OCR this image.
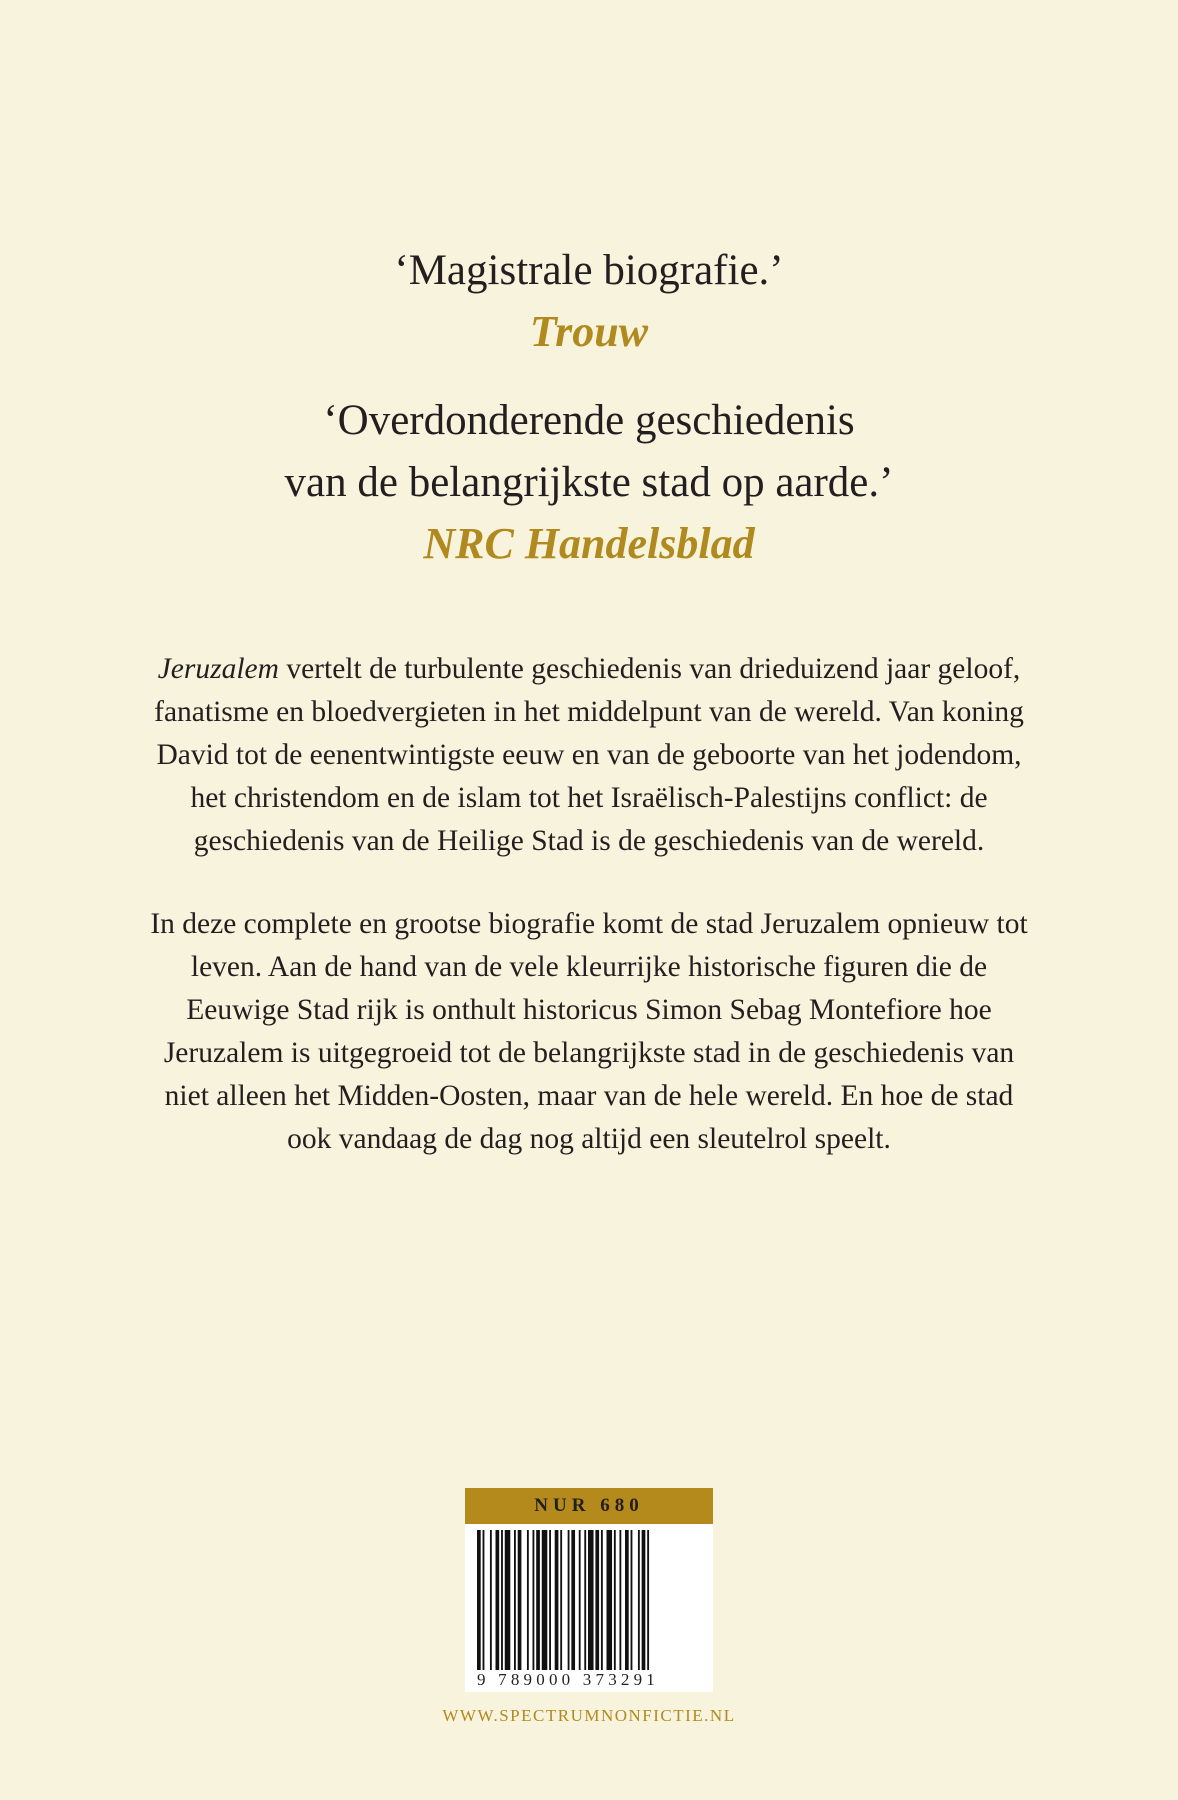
‘Magistrale biografie.’

Trouw

‘Overdonderende geschiedenis

van de belangrijkste stad op aarde.’

NRC Handelsblad

Jeruzalem vertelt de turbulente geschiedenis van drieduizend jaar geloof, fanatisme en bloedvergieten in het middelpunt van de wereld. Van koning David tot de eenentwintigste eeuw en van de geboorte van het jodendom, het christendom en de islam tot het Israëlisch-Palestijns conflict: de geschiedenis van de Heilige Stad is de geschiedenis van de wereld.

In deze complete en grootse biografie komt de stad Jeruzalem opnieuw tot leven. Aan de hand van de vele kleurrijke historische figuren die de Eeuwige Stad rijk is onthult historicus Simon Sebag Montefiore hoe Jeruzalem is uitgegroeid tot de belangrijkste stad in de geschiedenis van niet alleen het Midden-Oosten, maar van de hele wereld. En hoe de stad ook vandaag de dag nog altijd een sleutelrol speelt.

NUR 680
9 789000 373291
WWW.SPECTRUMNONFICTIE.NL
